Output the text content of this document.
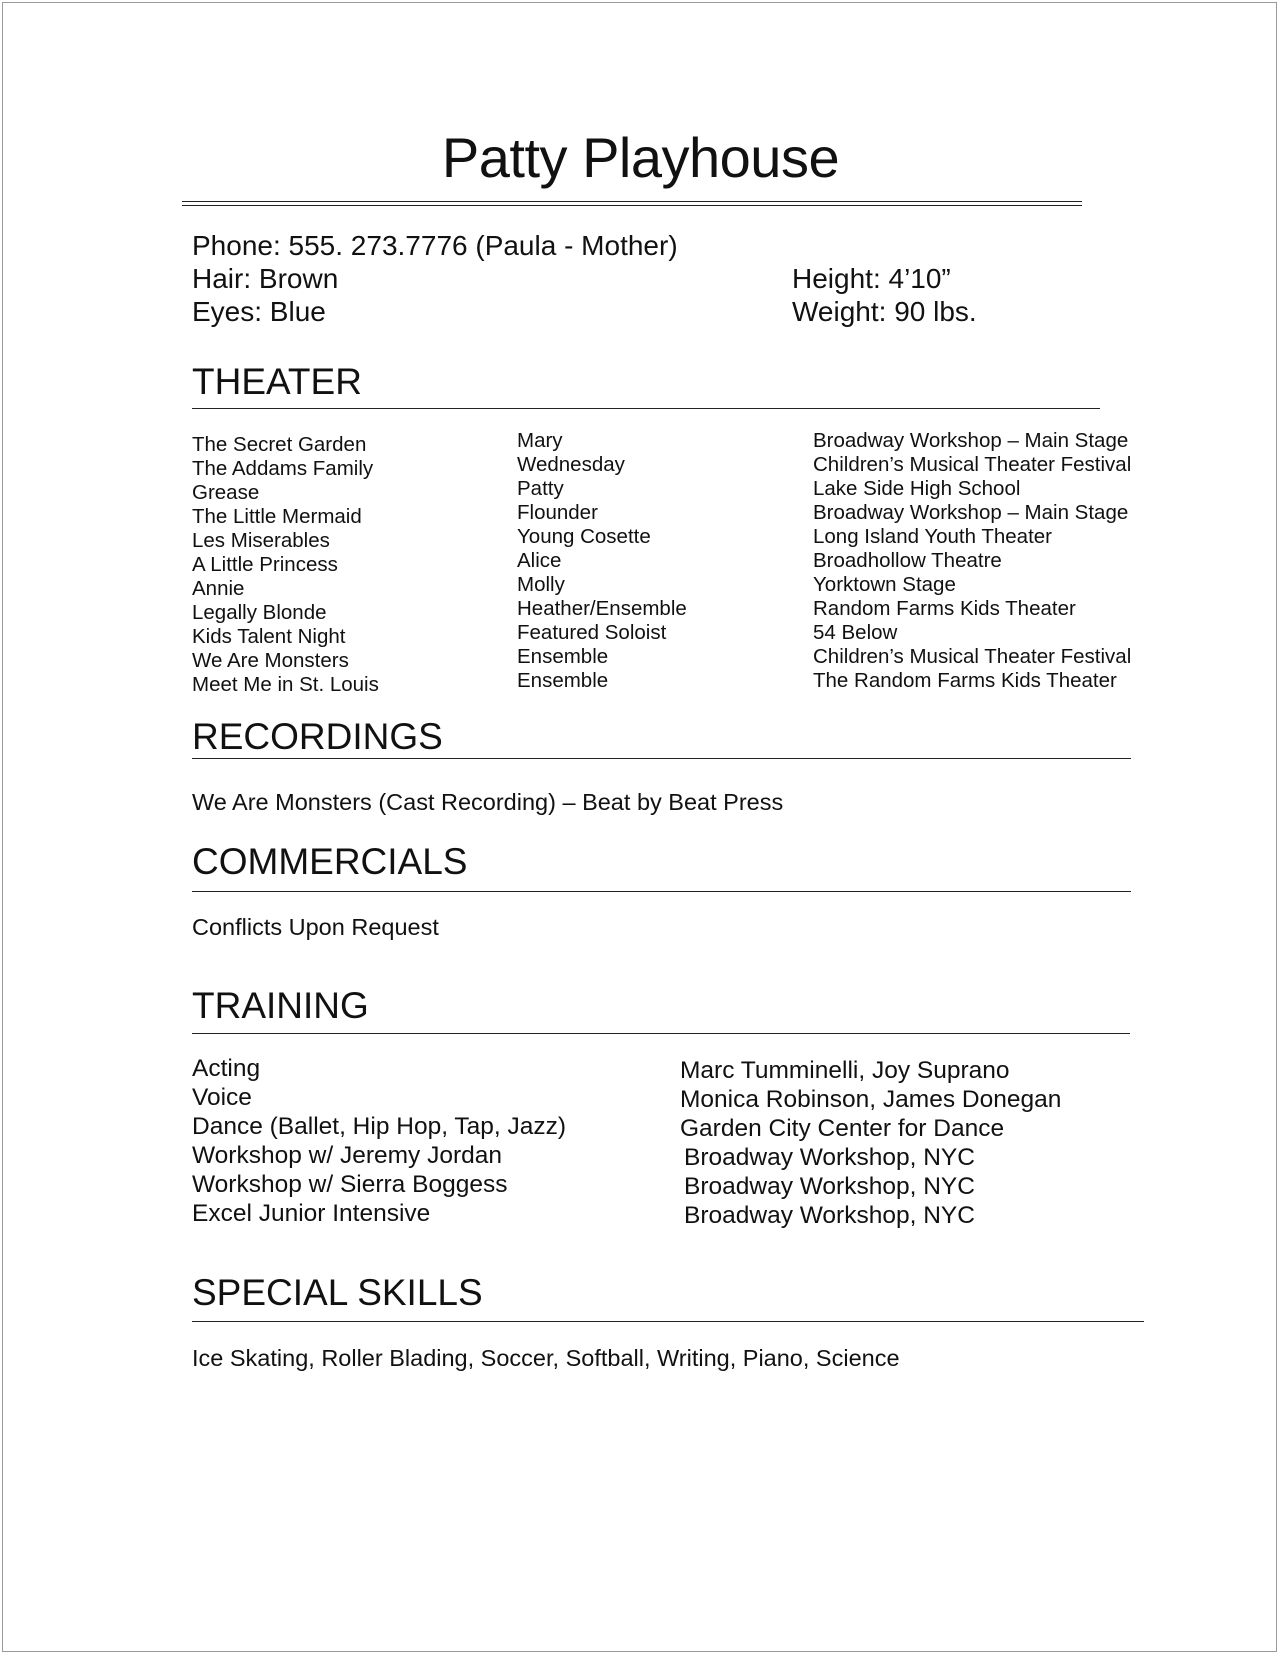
Patty Playhouse
Phone: 555. 273.7776 (Paula - Mother)
Hair: Brown
Eyes: Blue
Height: 4’10”
Weight: 90 lbs.
THEATER
The Secret Garden
The Addams Family
Grease
The Little Mermaid
Les Miserables
A Little Princess
Annie
Legally Blonde
Kids Talent Night
We Are Monsters
Meet Me in St. Louis
Mary
Wednesday
Patty
Flounder
Young Cosette
Alice
Molly
Heather/Ensemble
Featured Soloist
Ensemble
Ensemble
Broadway Workshop – Main Stage
Children’s Musical Theater Festival
Lake Side High School
Broadway Workshop – Main Stage
Long Island Youth Theater
Broadhollow Theatre
Yorktown Stage
Random Farms Kids Theater
54 Below
Children’s Musical Theater Festival
The Random Farms Kids Theater
RECORDINGS
We Are Monsters (Cast Recording) – Beat by Beat Press
COMMERCIALS
Conflicts Upon Request
TRAINING
Acting
Voice
Dance (Ballet, Hip Hop, Tap, Jazz)
Workshop w/ Jeremy Jordan
Workshop w/ Sierra Boggess
Excel Junior Intensive
Marc Tumminelli, Joy Suprano
Monica Robinson, James Donegan
Garden City Center for Dance
Broadway Workshop, NYC
Broadway Workshop, NYC
Broadway Workshop, NYC
SPECIAL SKILLS
Ice Skating, Roller Blading, Soccer, Softball, Writing, Piano, Science
